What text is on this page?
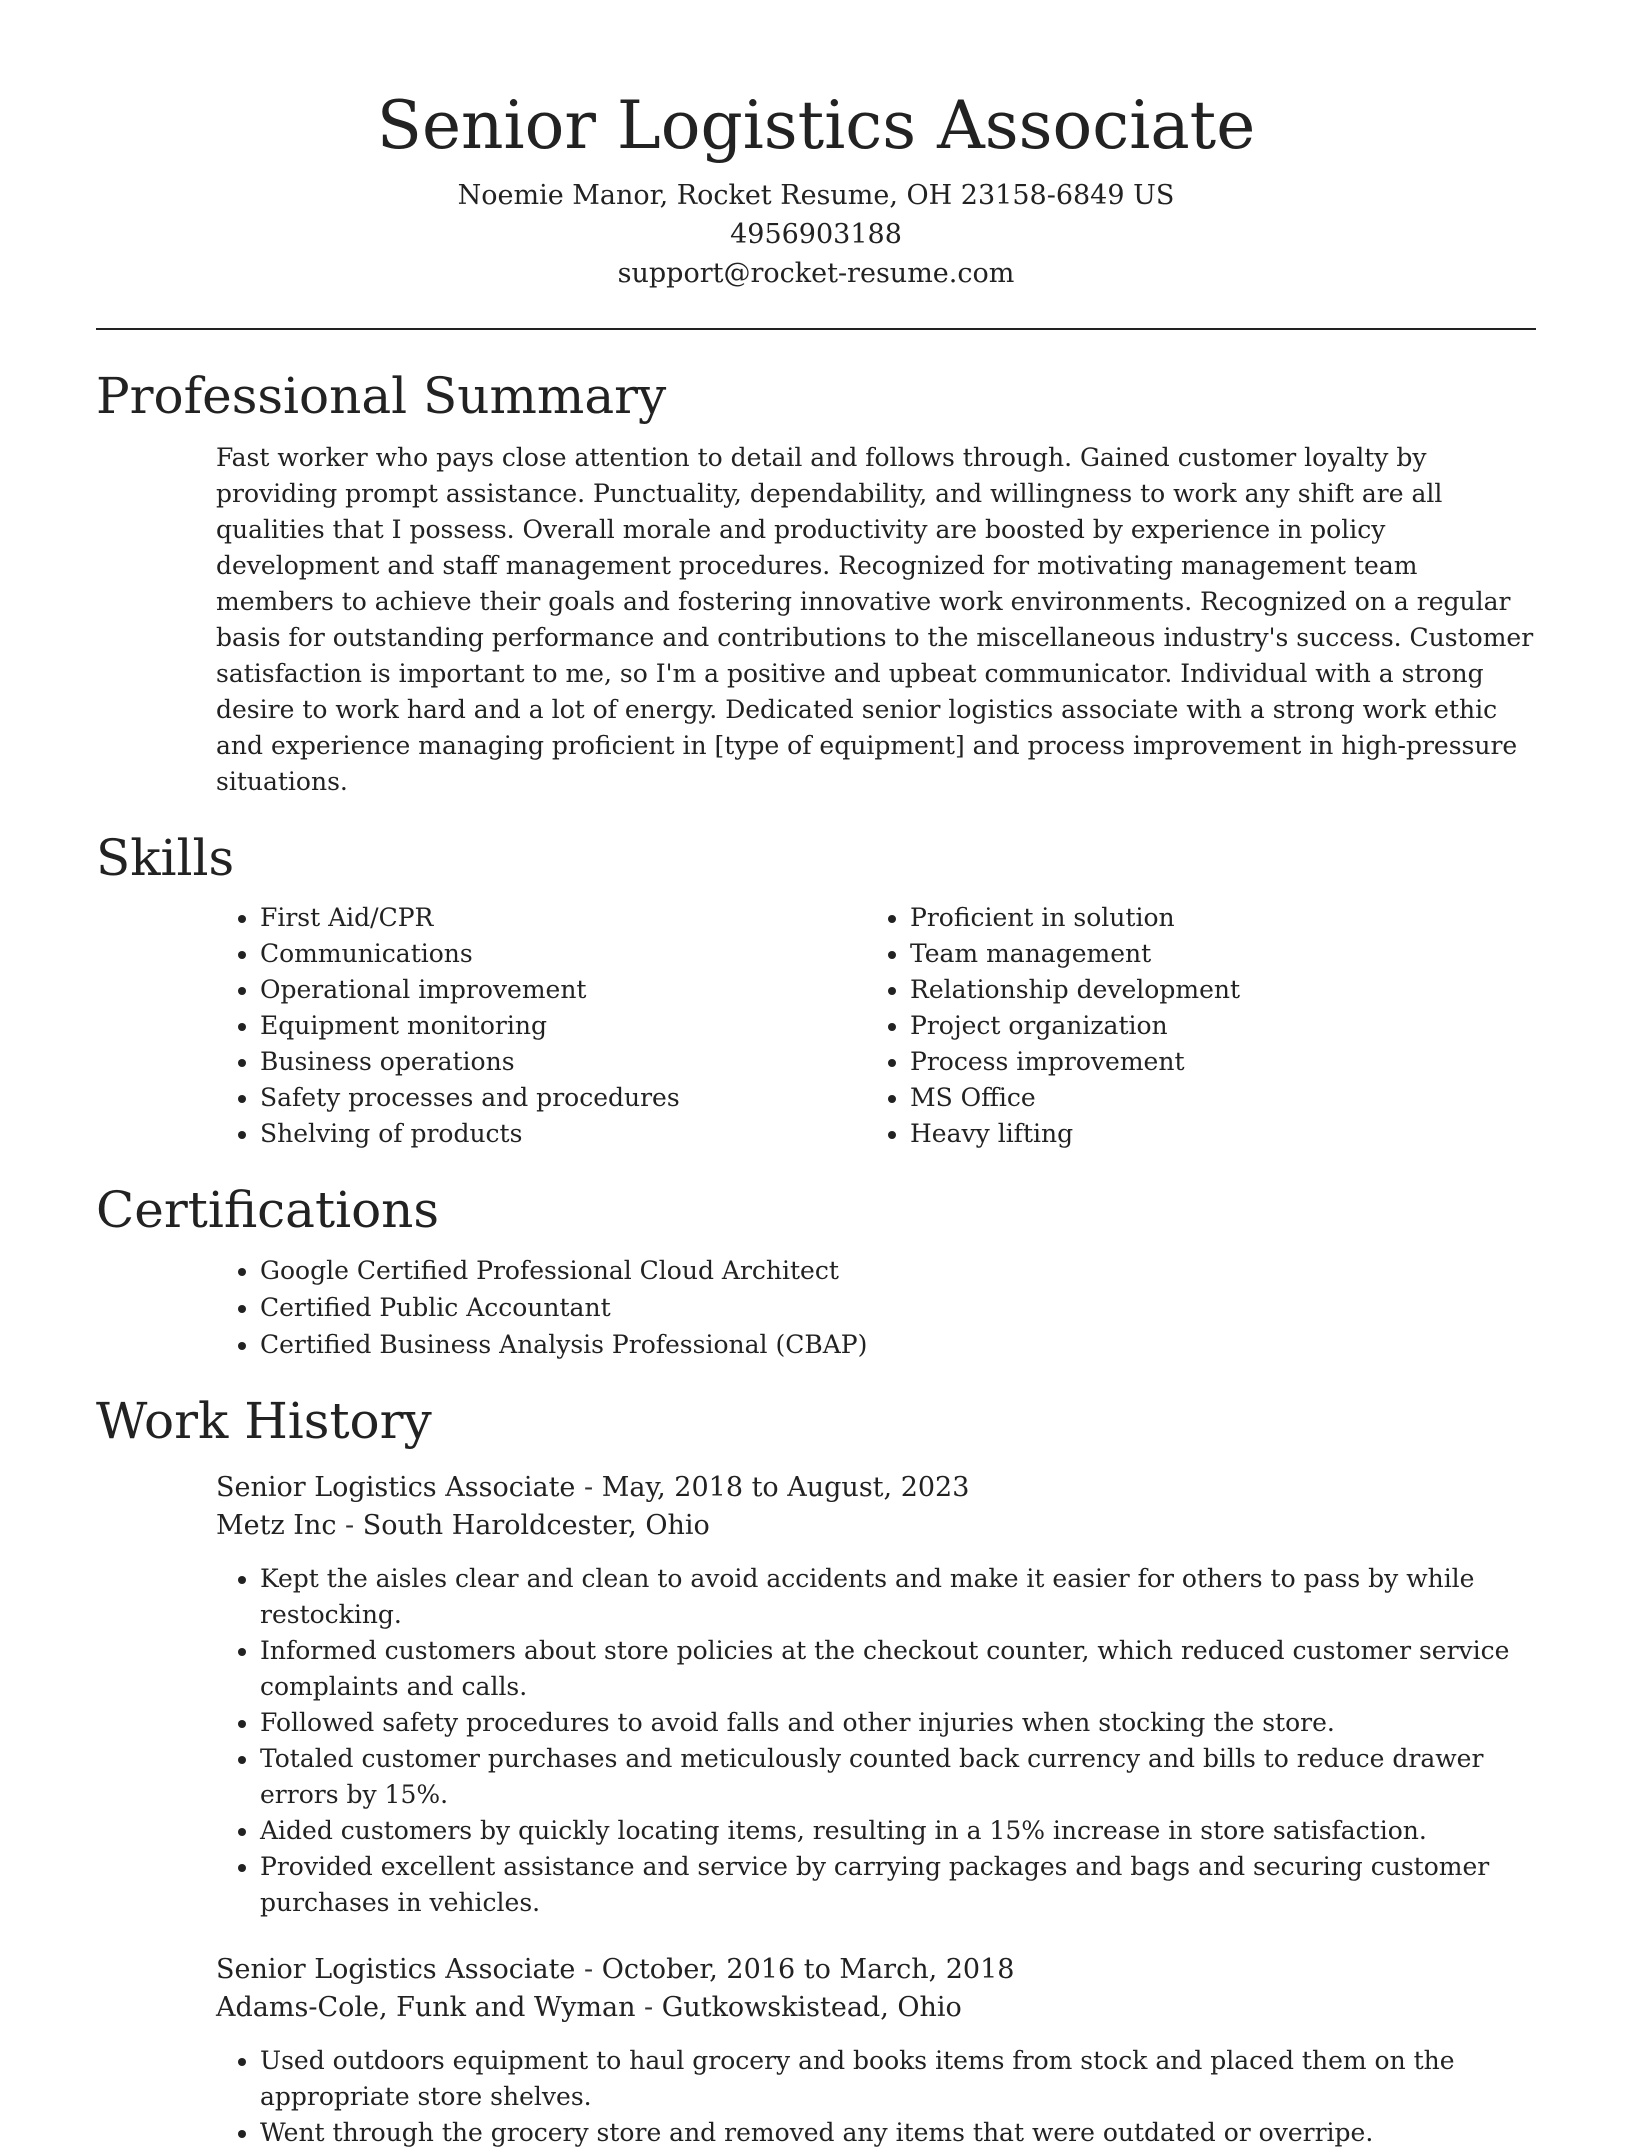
Senior Logistics Associate

Noemie Manor, Rocket Resume, OH 23158-6849 US

4956903188

support@rocket-resume.com

Professional Summary

Fast worker who pays close attention to detail and follows through. Gained customer loyalty by providing prompt assistance. Punctuality, dependability, and willingness to work any shift are all qualities that I possess. Overall morale and productivity are boosted by experience in policy development and staff management procedures. Recognized for motivating management team members to achieve their goals and fostering innovative work environments. Recognized on a regular basis for outstanding performance and contributions to the miscellaneous industry's success. Customer satisfaction is important to me, so I'm a positive and upbeat communicator. Individual with a strong desire to work hard and a lot of energy. Dedicated senior logistics associate with a strong work ethic and experience managing proficient in [type of equipment] and process improvement in high-pressure situations.

Skills
• First Aid/CPR
• Communications
• Operational improvement
• Equipment monitoring
• Business operations
• Safety processes and procedures
• Shelving of products
• Proficient in solution
• Team management
• Relationship development
• Project organization
• Process improvement
• MS Office
• Heavy lifting
Certifications
• Google Certified Professional Cloud Architect
• Certified Public Accountant
• Certified Business Analysis Professional (CBAP)
Work History

Senior Logistics Associate - May, 2018 to August, 2023

Metz Inc - South Haroldcester, Ohio

• Kept the aisles clear and clean to avoid accidents and make it easier for others to pass by while restocking.
• Informed customers about store policies at the checkout counter, which reduced customer service complaints and calls.
• Followed safety procedures to avoid falls and other injuries when stocking the store.
• Totaled customer purchases and meticulously counted back currency and bills to reduce drawer errors by 15%.
• Aided customers by quickly locating items, resulting in a 15% increase in store satisfaction.
• Provided excellent assistance and service by carrying packages and bags and securing customer purchases in vehicles.

Senior Logistics Associate - October, 2016 to March, 2018

Adams-Cole, Funk and Wyman - Gutkowskistead, Ohio

• Used outdoors equipment to haul grocery and books items from stock and placed them on the appropriate store shelves.
• Went through the grocery store and removed any items that were outdated or overripe.
